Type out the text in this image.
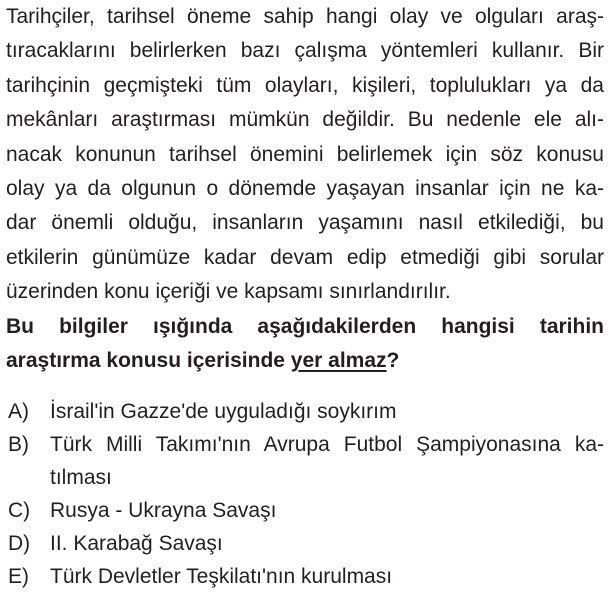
Tarihçiler, tarihsel öneme sahip hangi olay ve olguları araş-
tıracaklarını belirlerken bazı çalışma yöntemleri kullanır. Bir
tarihçinin geçmişteki tüm olayları, kişileri, toplulukları ya da
mekânları araştırması mümkün değildir. Bu nedenle ele alı-
nacak konunun tarihsel önemini belirlemek için söz konusu
olay ya da olgunun o dönemde yaşayan insanlar için ne ka-
dar önemli olduğu, insanların yaşamını nasıl etkilediği, bu
etkilerin günümüze kadar devam edip etmediği gibi sorular
üzerinden konu içeriği ve kapsamı sınırlandırılır.
Bu bilgiler ışığında aşağıdakilerden hangisi tarihin
araştırma konusu içerisinde yer almaz?
A)	İsrail'in Gazze'de uyguladığı soykırım
B)	Türk Milli Takımı'nın Avrupa Futbol Şampiyonasına ka-
tılması
C) Rusya - Ukrayna Savaşı
D) II. Karabağ Savaşı
E)	Türk Devletler Teşkilatı'nın kurulması
